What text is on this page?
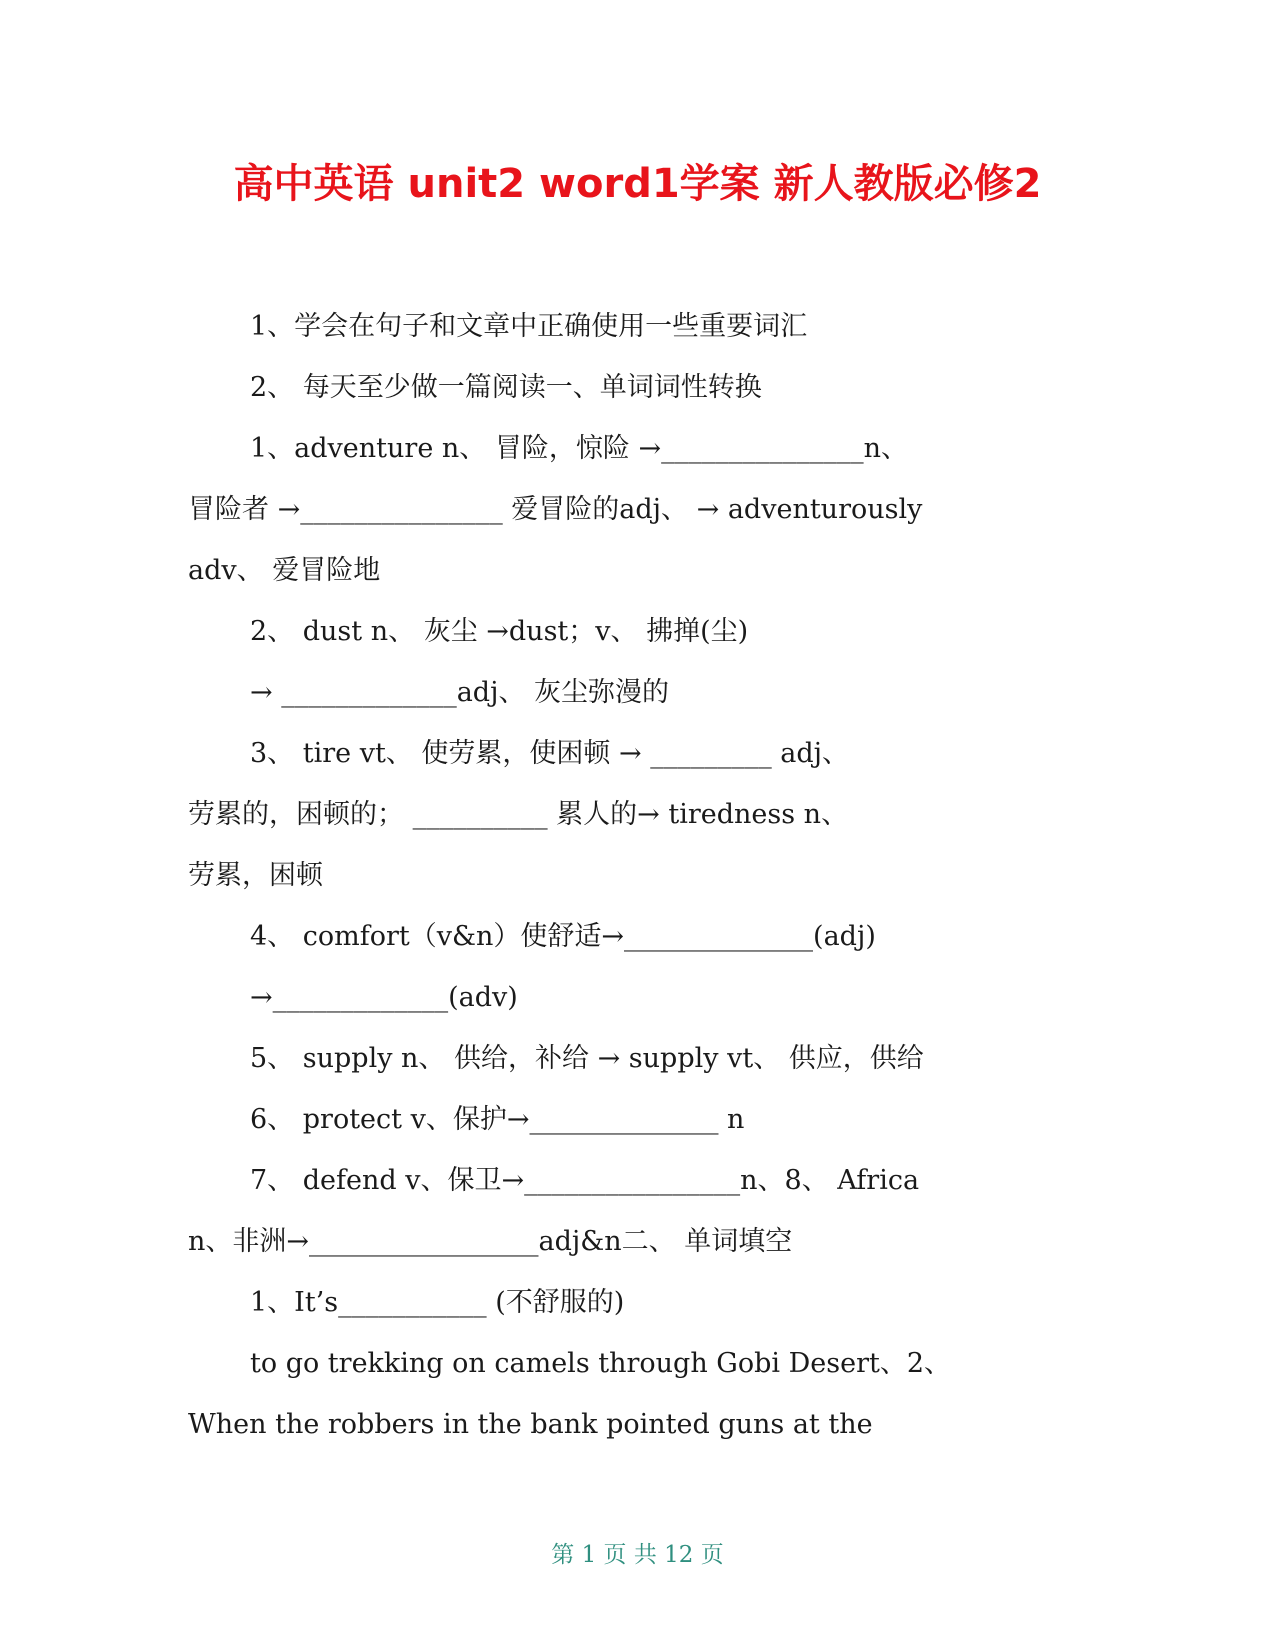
高中英语 unit2 word1学案 新人教版必修2
1、学会在句子和文章中正确使用一些重要词汇
2、 每天至少做一篇阅读一、单词词性转换
1、adventure n、 冒险，惊险 →_______________n、
冒险者 →_______________ 爱冒险的adj、 → adventurously
adv、 爱冒险地
2、 dust n、 灰尘 →dust；v、 拂掸(尘)
→ _____________adj、 灰尘弥漫的
3、 tire vt、 使劳累，使困顿 → _________ adj、
劳累的，困顿的； __________ 累人的→ tiredness n、
劳累，困顿
4、 comfort（v&n）使舒适→______________(adj)
→_____________(adv)
5、 supply n、 供给，补给 → supply vt、 供应，供给
6、 protect v、保护→______________ n
7、 defend v、保卫→________________n、8、 Africa
n、非洲→_________________adj&n二、 单词填空
1、It’s___________ (不舒服的)
to go trekking on camels through Gobi Desert、2、
When the robbers in the bank pointed guns at the
第 1 页 共 12 页
